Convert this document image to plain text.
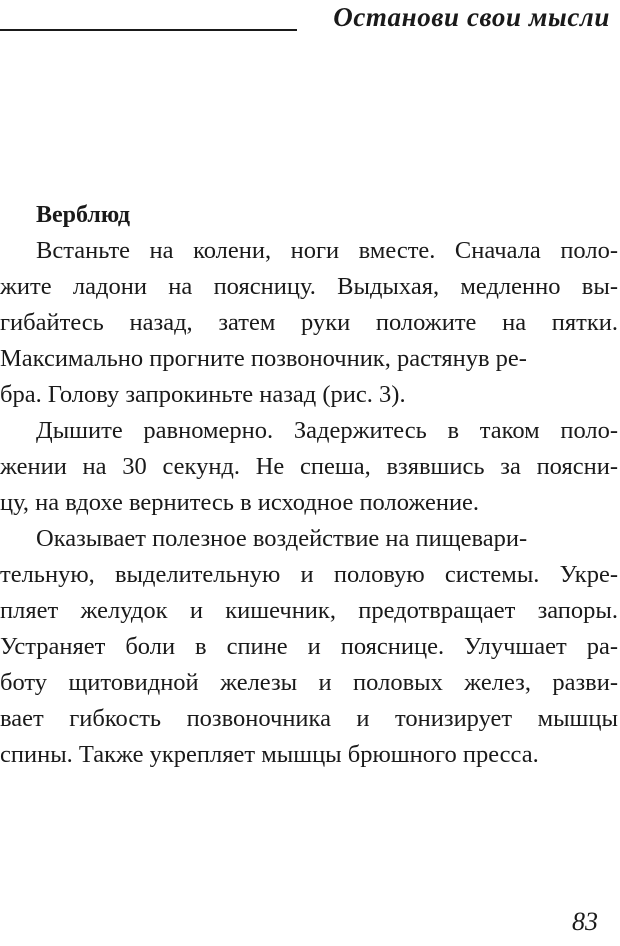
Останови свои мысли
Верблюд
Встаньте на колени, ноги вместе. Сначала поло-
жите ладони на поясницу. Выдыхая, медленно вы-
гибайтесь назад, затем руки положите на пятки.
Максимально прогните позвоночник, растянув ре-
бра. Голову запрокиньте назад (рис. 3).
Дышите равномерно. Задержитесь в таком поло-
жении на 30 секунд. Не спеша, взявшись за поясни-
цу, на вдохе вернитесь в исходное положение.
Оказывает полезное воздействие на пищевари-
тельную, выделительную и половую системы. Укре-
пляет желудок и кишечник, предотвращает запоры.
Устраняет боли в спине и пояснице. Улучшает ра-
боту щитовидной железы и половых желез, разви-
вает гибкость позвоночника и тонизирует мышцы
спины. Также укрепляет мышцы брюшного пресса.
83
